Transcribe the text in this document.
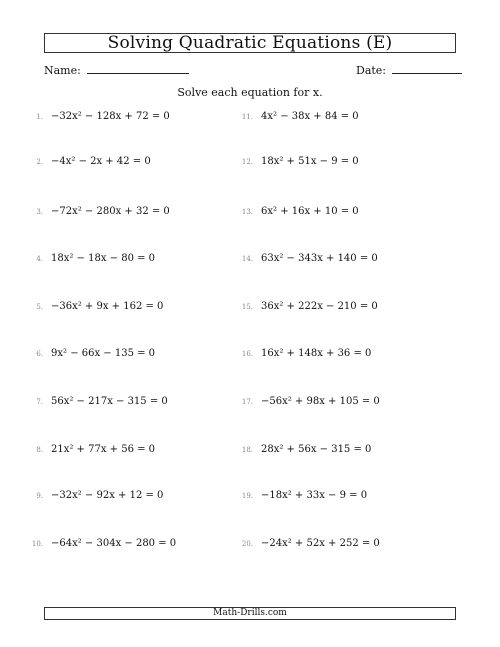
Solving Quadratic Equations (E)
Name:	Date:
Solve each equation for x.
1. −32x² − 128x + 72 = 0
2. −4x² − 2x + 42 = 0
3. −72x² − 280x + 32 = 0
4. 18x² − 18x − 80 = 0
5. −36x² + 9x + 162 = 0
6. 9x² − 66x − 135 = 0
7. 56x² − 217x − 315 = 0
8. 21x² + 77x + 56 = 0
9. −32x² − 92x + 12 = 0
10. −64x² − 304x − 280 = 0
11. 4x² − 38x + 84 = 0
12. 18x² + 51x − 9 = 0
13. 6x² + 16x + 10 = 0
14. 63x² − 343x + 140 = 0
15. 36x² + 222x − 210 = 0
16. 16x² + 148x + 36 = 0
17. −56x² + 98x + 105 = 0
18. 28x² + 56x − 315 = 0
19. −18x² + 33x − 9 = 0
20. −24x² + 52x + 252 = 0
Math-Drills.com
